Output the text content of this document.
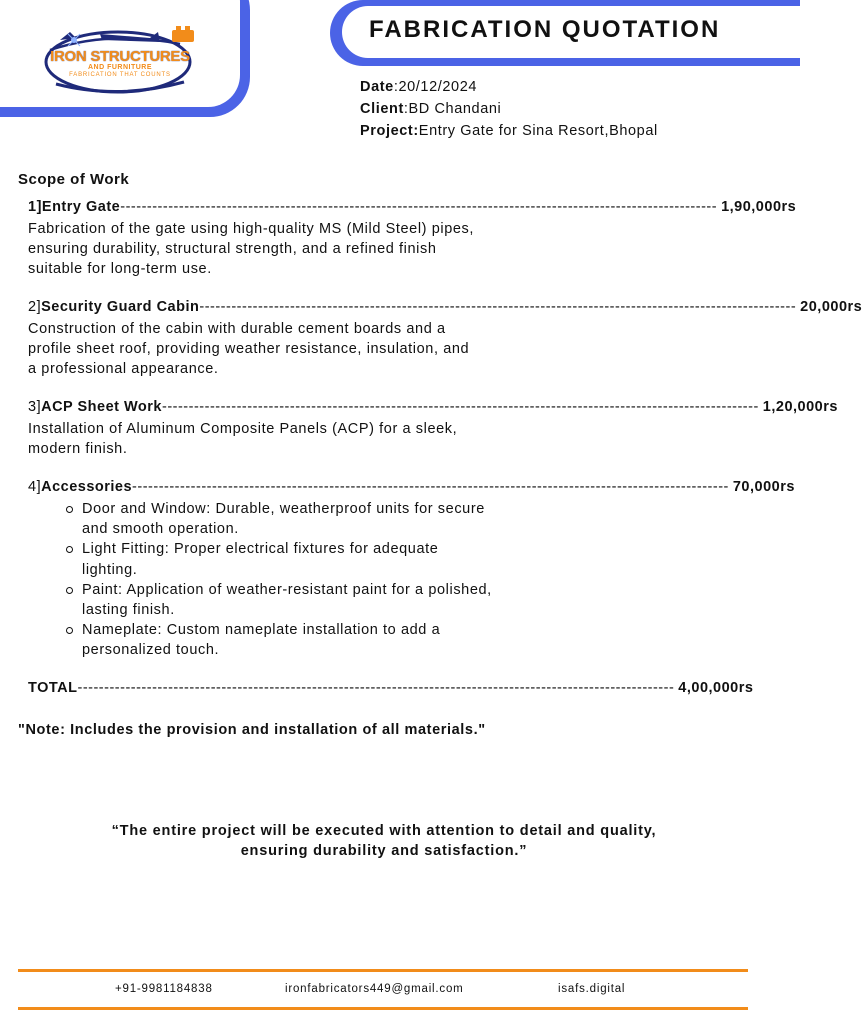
IRON STRUCTURES
AND FURNITURE
FABRICATION THAT COUNTS
FABRICATION QUOTATION
Date:20/12/2024
Client:BD Chandani
Project:Entry Gate for Sina Resort,Bhopal
Scope of Work
1] Entry Gate ---------------------------------------------------------------------------------------------------------------- 1,90,000rs
Fabrication of the gate using high-quality MS (Mild Steel) pipes,
ensuring durability, structural strength, and a refined finish
suitable for long-term use.
2] Security Guard Cabin ---------------------------------------------------------------------------------------------------------------- 20,000rs
Construction of the cabin with durable cement boards and a
profile sheet roof, providing weather resistance, insulation, and
a professional appearance.
3] ACP Sheet Work ---------------------------------------------------------------------------------------------------------------- 1,20,000rs
Installation of Aluminum Composite Panels (ACP) for a sleek,
modern finish.
4] Accessories ---------------------------------------------------------------------------------------------------------------- 70,000rs
Door and Window: Durable, weatherproof units for secure
and smooth operation.
Light Fitting: Proper electrical fixtures for adequate
lighting.
Paint: Application of weather-resistant paint for a polished,
lasting finish.
Nameplate: Custom nameplate installation to add a
personalized touch.
TOTAL ---------------------------------------------------------------------------------------------------------------- 4,00,000rs
"Note: Includes the provision and installation of all materials."
“The entire project will be executed with attention to detail and quality,
ensuring durability and satisfaction.”
+91-9981184838	ironfabricators449@gmail.com	isafs.digital
